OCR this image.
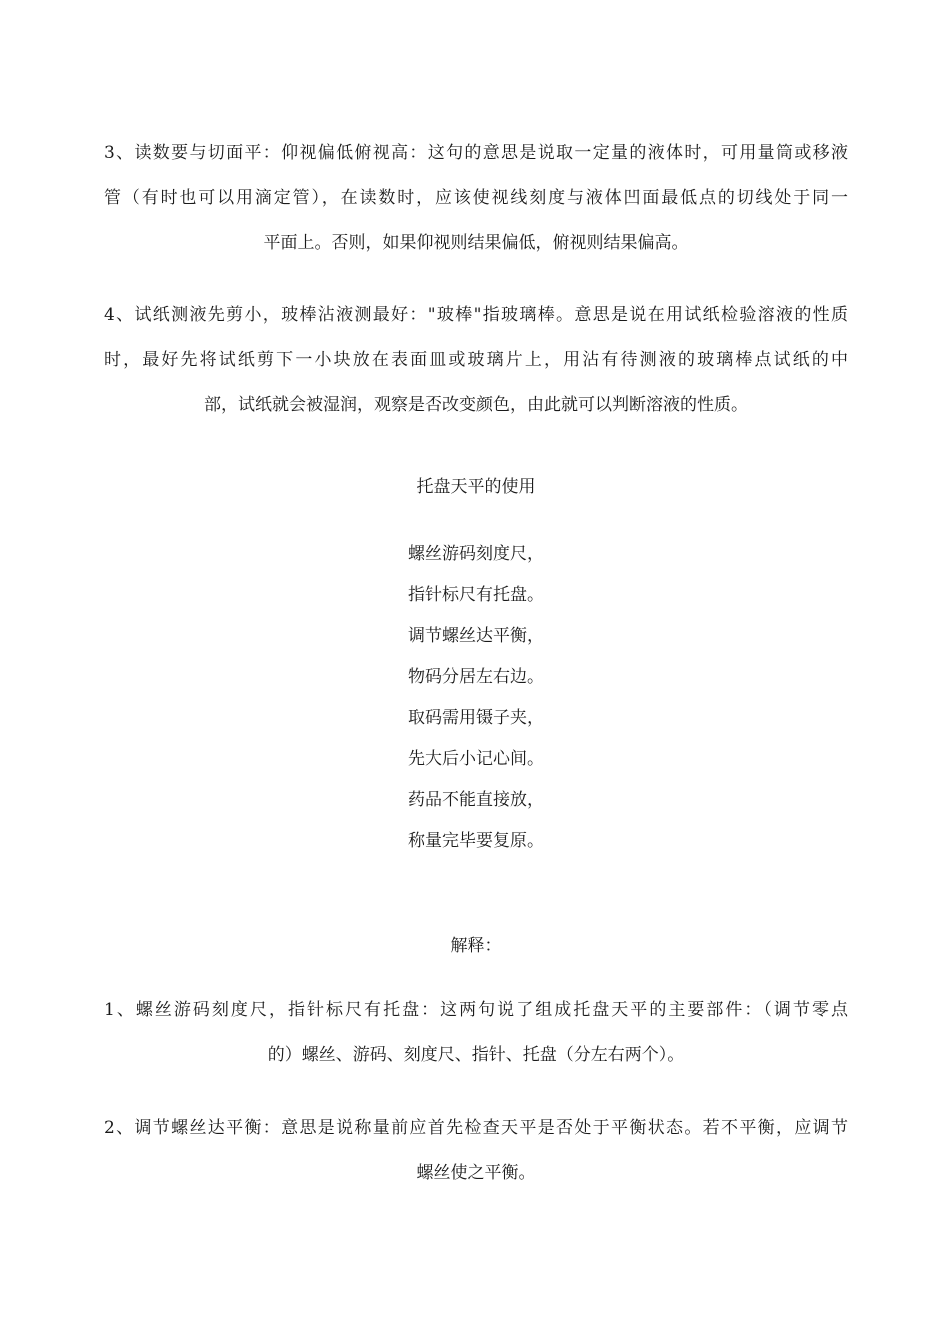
3、读数要与切面平：仰视偏低俯视高：这句的意思是说取一定量的液体时，可用量筒或移液
管（有时也可以用滴定管），在读数时，应该使视线刻度与液体凹面最低点的切线处于同一
平面上。否则，如果仰视则结果偏低，俯视则结果偏高。
4、试纸测液先剪小，玻棒沾液测最好："玻棒"指玻璃棒。意思是说在用试纸检验溶液的性质
时，最好先将试纸剪下一小块放在表面皿或玻璃片上，用沾有待测液的玻璃棒点试纸的中
部，试纸就会被湿润，观察是否改变颜色，由此就可以判断溶液的性质。
托盘天平的使用
螺丝游码刻度尺，
指针标尺有托盘。
调节螺丝达平衡，
物码分居左右边。
取码需用镊子夹，
先大后小记心间。
药品不能直接放，
称量完毕要复原。
解释：
1、螺丝游码刻度尺，指针标尺有托盘：这两句说了组成托盘天平的主要部件：（调节零点
的）螺丝、游码、刻度尺、指针、托盘（分左右两个）。
2、调节螺丝达平衡：意思是说称量前应首先检查天平是否处于平衡状态。若不平衡，应调节
螺丝使之平衡。
